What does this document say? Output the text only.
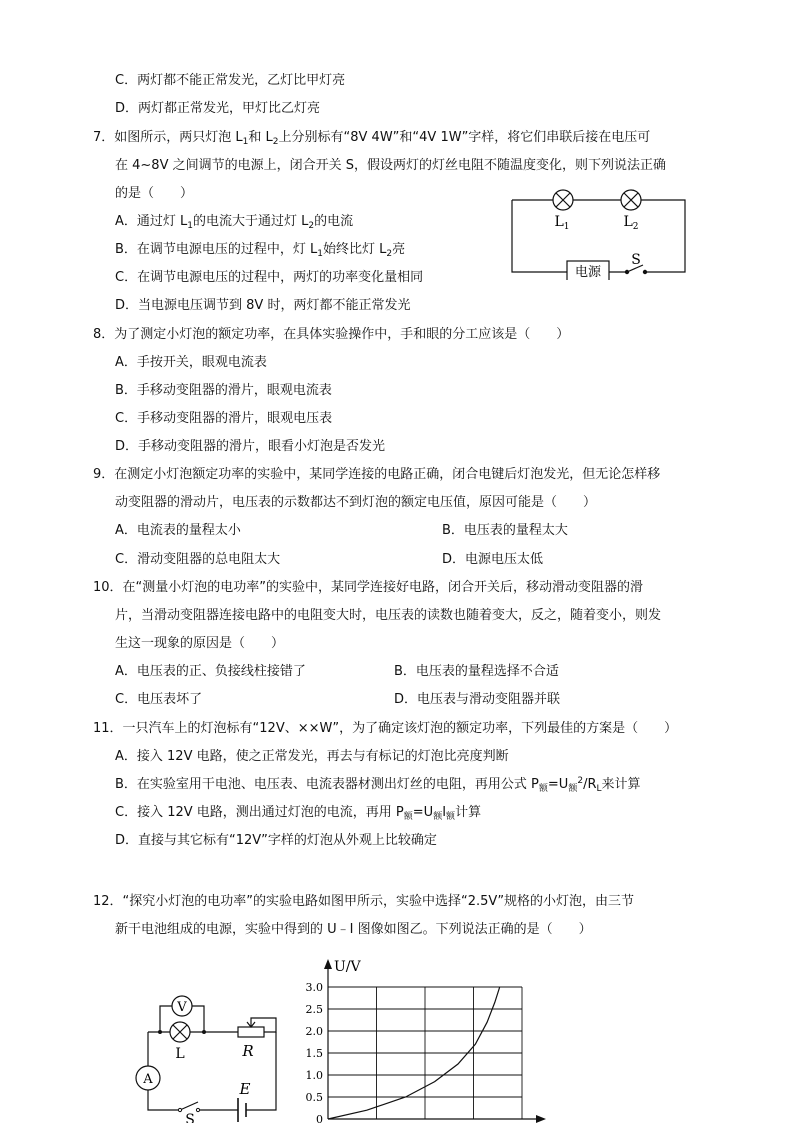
C．两灯都不能正常发光，乙灯比甲灯亮
D．两灯都正常发光，甲灯比乙灯亮
7．如图所示，两只灯泡 $L_1$和 $L_2$上分别标有“8V 4W”和“4V 1W”字样，将它们串联后接在电压可
在 4~8V 之间调节的电源上，闭合开关 S，假设两灯的灯丝电阻不随温度变化，则下列说法正确
的是（　　）
A．通过灯 $L_1$的电流大于通过灯 $L_2$的电流
B．在调节电源电压的过程中，灯 $L_1$始终比灯 $L_2$亮
C．在调节电源电压的过程中，两灯的功率变化量相同
D．当电源电压调节到 8V 时，两灯都不能正常发光
$L_1$	$L_2$
电源
S
8．为了测定小灯泡的额定功率，在具体实验操作中，手和眼的分工应该是（　　）
A．手按开关，眼观电流表
B．手移动变阻器的滑片，眼观电流表
C．手移动变阻器的滑片，眼观电压表
D．手移动变阻器的滑片，眼看小灯泡是否发光
9．在测定小灯泡额定功率的实验中，某同学连接的电路正确，闭合电键后灯泡发光，但无论怎样移
动变阻器的滑动片，电压表的示数都达不到灯泡的额定电压值，原因可能是（　　）
A．电流表的量程太小	B．电压表的量程太大
C．滑动变阻器的总电阻太大	D．电源电压太低
10．在“测量小灯泡的电功率”的实验中，某同学连接好电路，闭合开关后，移动滑动变阻器的滑
片，当滑动变阻器连接电路中的电阻变大时，电压表的读数也随着变大，反之，随着变小，则发
生这一现象的原因是（　　）
A．电压表的正、负接线柱接错了	B．电压表的量程选择不合适
C．电压表坏了	D．电压表与滑动变阻器并联
11．一只汽车上的灯泡标有“12V、××W”，为了确定该灯泡的额定功率，下列最佳的方案是（　　）
A．接入 12V 电路，使之正常发光，再去与有标记的灯泡比亮度判断
B．在实验室用干电池、电压表、电流表器材测出灯丝的电阻，再用公式 $P_额=U_额^2/R_L$来计算
C．接入 12V 电路，测出通过灯泡的电流，再用 $P_额=U_额I_额$计算
D．直接与其它标有“12V”字样的灯泡从外观上比较确定
12．“探究小灯泡的电功率”的实验电路如图甲所示，实验中选择“2.5V”规格的小灯泡，由三节
新干电池组成的电源，实验中得到的 U﹣I 图像如图乙。下列说法正确的是（　　）
V
L	R
A
E
S	0
0.5
1.0
1.5
2.0
2.5
3.0
U/V
